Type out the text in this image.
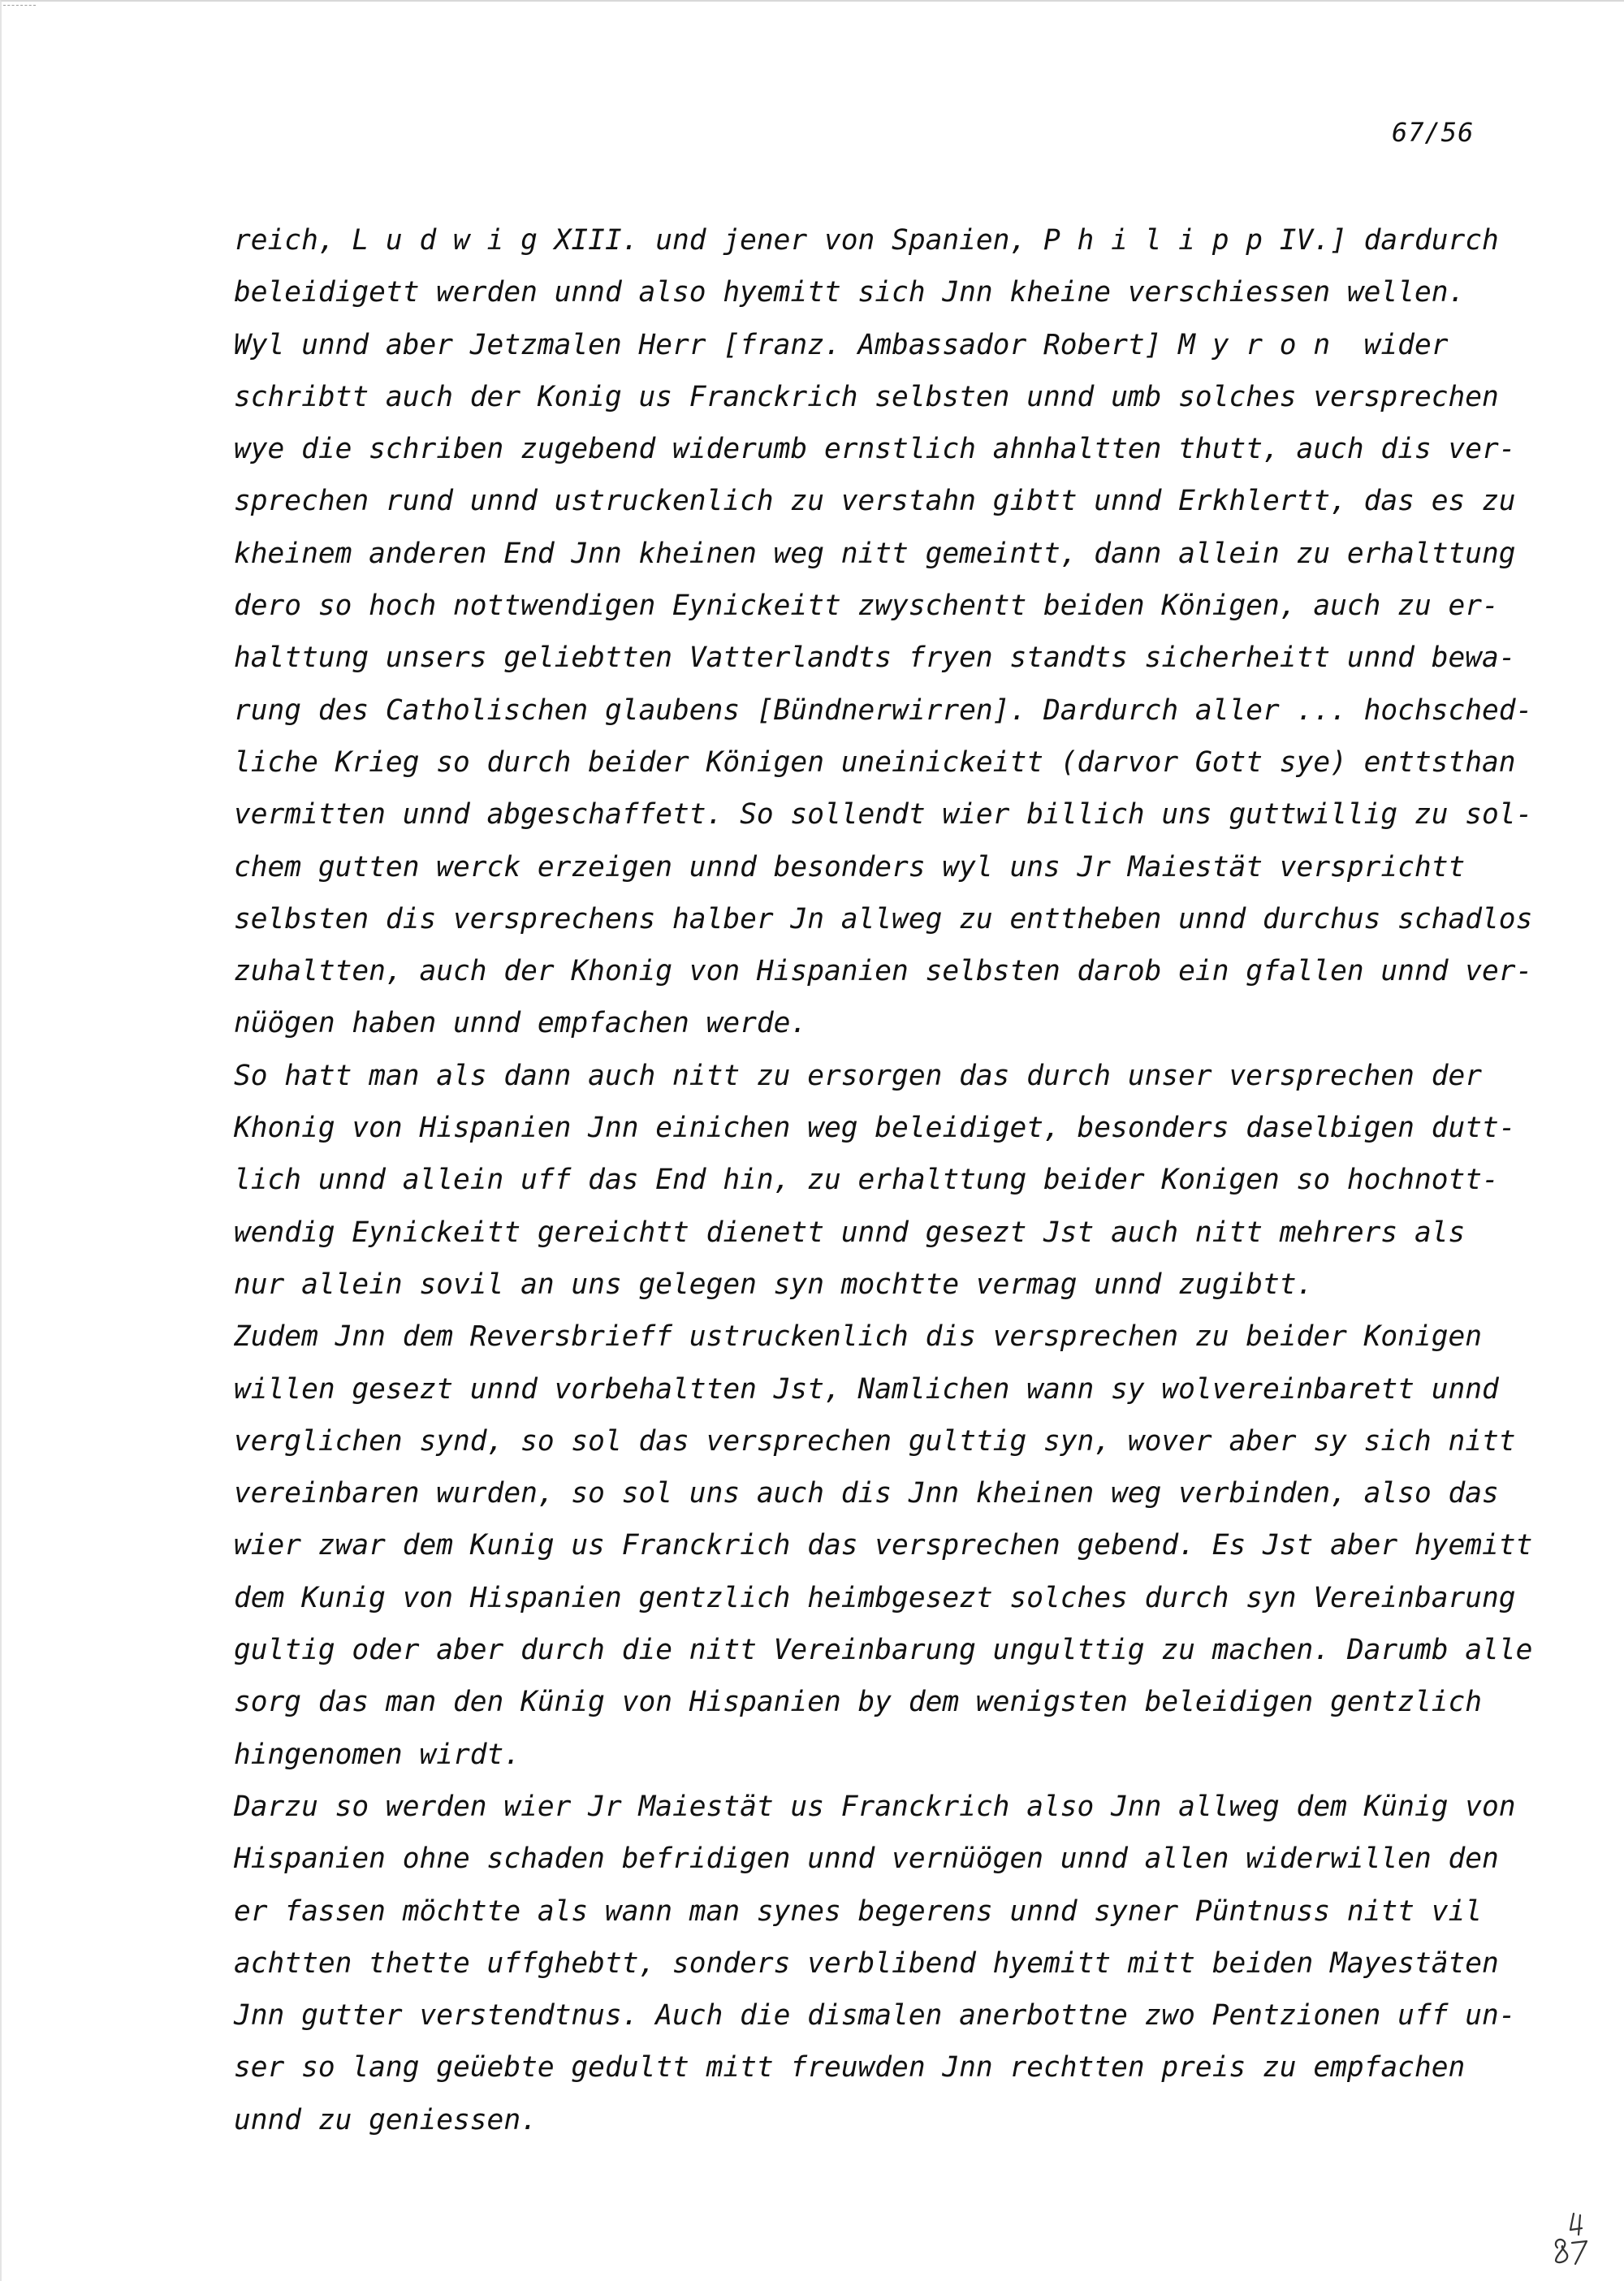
67/56
reich, L u d w i g XIII. und jener von Spanien, P h i l i p p IV.] dardurch
beleidigett werden unnd also hyemitt sich Jnn kheine verschiessen wellen.
Wyl unnd aber Jetzmalen Herr [franz. Ambassador Robert] M y r o n  wider
schribtt auch der Konig us Franckrich selbsten unnd umb solches versprechen
wye die schriben zugebend widerumb ernstlich ahnhaltten thutt, auch dis ver-
sprechen rund unnd ustruckenlich zu verstahn gibtt unnd Erkhlertt, das es zu
kheinem anderen End Jnn kheinen weg nitt gemeintt, dann allein zu erhalttung
dero so hoch nottwendigen Eynickeitt zwyschentt beiden Königen, auch zu er-
halttung unsers geliebtten Vatterlandts fryen standts sicherheitt unnd bewa-
rung des Catholischen glaubens [Bündnerwirren]. Dardurch aller ... hochsched-
liche Krieg so durch beider Königen uneinickeitt (darvor Gott sye) enttsthan
vermitten unnd abgeschaffett. So sollendt wier billich uns guttwillig zu sol-
chem gutten werck erzeigen unnd besonders wyl uns Jr Maiestät versprichtt
selbsten dis versprechens halber Jn allweg zu enttheben unnd durchus schadlos
zuhaltten, auch der Khonig von Hispanien selbsten darob ein gfallen unnd ver-
nüögen haben unnd empfachen werde.
So hatt man als dann auch nitt zu ersorgen das durch unser versprechen der
Khonig von Hispanien Jnn einichen weg beleidiget, besonders daselbigen dutt-
lich unnd allein uff das End hin, zu erhalttung beider Konigen so hochnott-
wendig Eynickeitt gereichtt dienett unnd gesezt Jst auch nitt mehrers als
nur allein sovil an uns gelegen syn mochtte vermag unnd zugibtt.
Zudem Jnn dem Reversbrieff ustruckenlich dis versprechen zu beider Konigen
willen gesezt unnd vorbehaltten Jst, Namlichen wann sy wolvereinbarett unnd
verglichen synd, so sol das versprechen gulttig syn, wover aber sy sich nitt
vereinbaren wurden, so sol uns auch dis Jnn kheinen weg verbinden, also das
wier zwar dem Kunig us Franckrich das versprechen gebend. Es Jst aber hyemitt
dem Kunig von Hispanien gentzlich heimbgesezt solches durch syn Vereinbarung
gultig oder aber durch die nitt Vereinbarung ungulttig zu machen. Darumb alle
sorg das man den Künig von Hispanien by dem wenigsten beleidigen gentzlich
hingenomen wirdt.
Darzu so werden wier Jr Maiestät us Franckrich also Jnn allweg dem Künig von
Hispanien ohne schaden befridigen unnd vernüögen unnd allen widerwillen den
er fassen möchtte als wann man synes begerens unnd syner Püntnuss nitt vil
achtten thette uffghebtt, sonders verblibend hyemitt mitt beiden Mayestäten
Jnn gutter verstendtnus. Auch die dismalen anerbottne zwo Pentzionen uff un-
ser so lang geüebte gedultt mitt freuwden Jnn rechtten preis zu empfachen
unnd zu geniessen.
